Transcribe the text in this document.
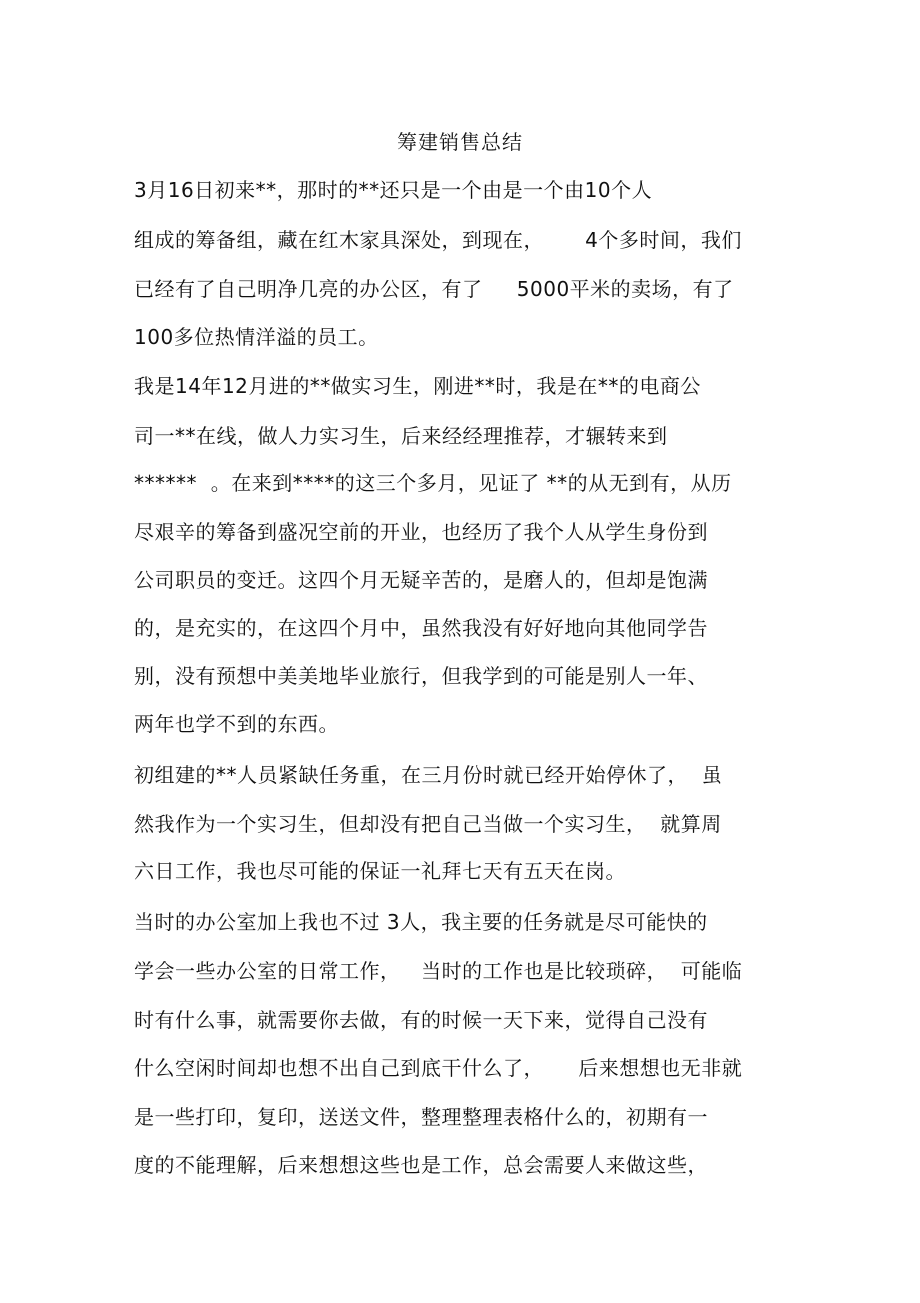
筹建销售总结
3月16日初来**，那时的**还只是一个由是一个由10个人
组成的筹备组，藏在红木家具深处，到现在，      4个多时间，我们
已经有了自己明净几亮的办公区，有了     5000平米的卖场，有了
100多位热情洋溢的员工。
我是14年12月进的**做实习生，刚进**时，我是在**的电商公
司一**在线，做人力实习生，后来经经理推荐，才辗转来到
******  。在来到****的这三个多月，见证了 **的从无到有，从历
尽艰辛的筹备到盛况空前的开业，也经历了我个人从学生身份到
公司职员的变迁。这四个月无疑辛苦的，是磨人的，但却是饱满
的，是充实的，在这四个月中，虽然我没有好好地向其他同学告
别，没有预想中美美地毕业旅行，但我学到的可能是别人一年、
两年也学不到的东西。
初组建的**人员紧缺任务重，在三月份时就已经开始停休了，  虽
然我作为一个实习生，但却没有把自己当做一个实习生，  就算周
六日工作，我也尽可能的保证一礼拜七天有五天在岗。
当时的办公室加上我也不过 3人，我主要的任务就是尽可能快的
学会一些办公室的日常工作，   当时的工作也是比较琐碎，  可能临
时有什么事，就需要你去做，有的时候一天下来，觉得自己没有
什么空闲时间却也想不出自己到底干什么了，     后来想想也无非就
是一些打印，复印，送送文件，整理整理表格什么的，初期有一
度的不能理解，后来想想这些也是工作，总会需要人来做这些，
